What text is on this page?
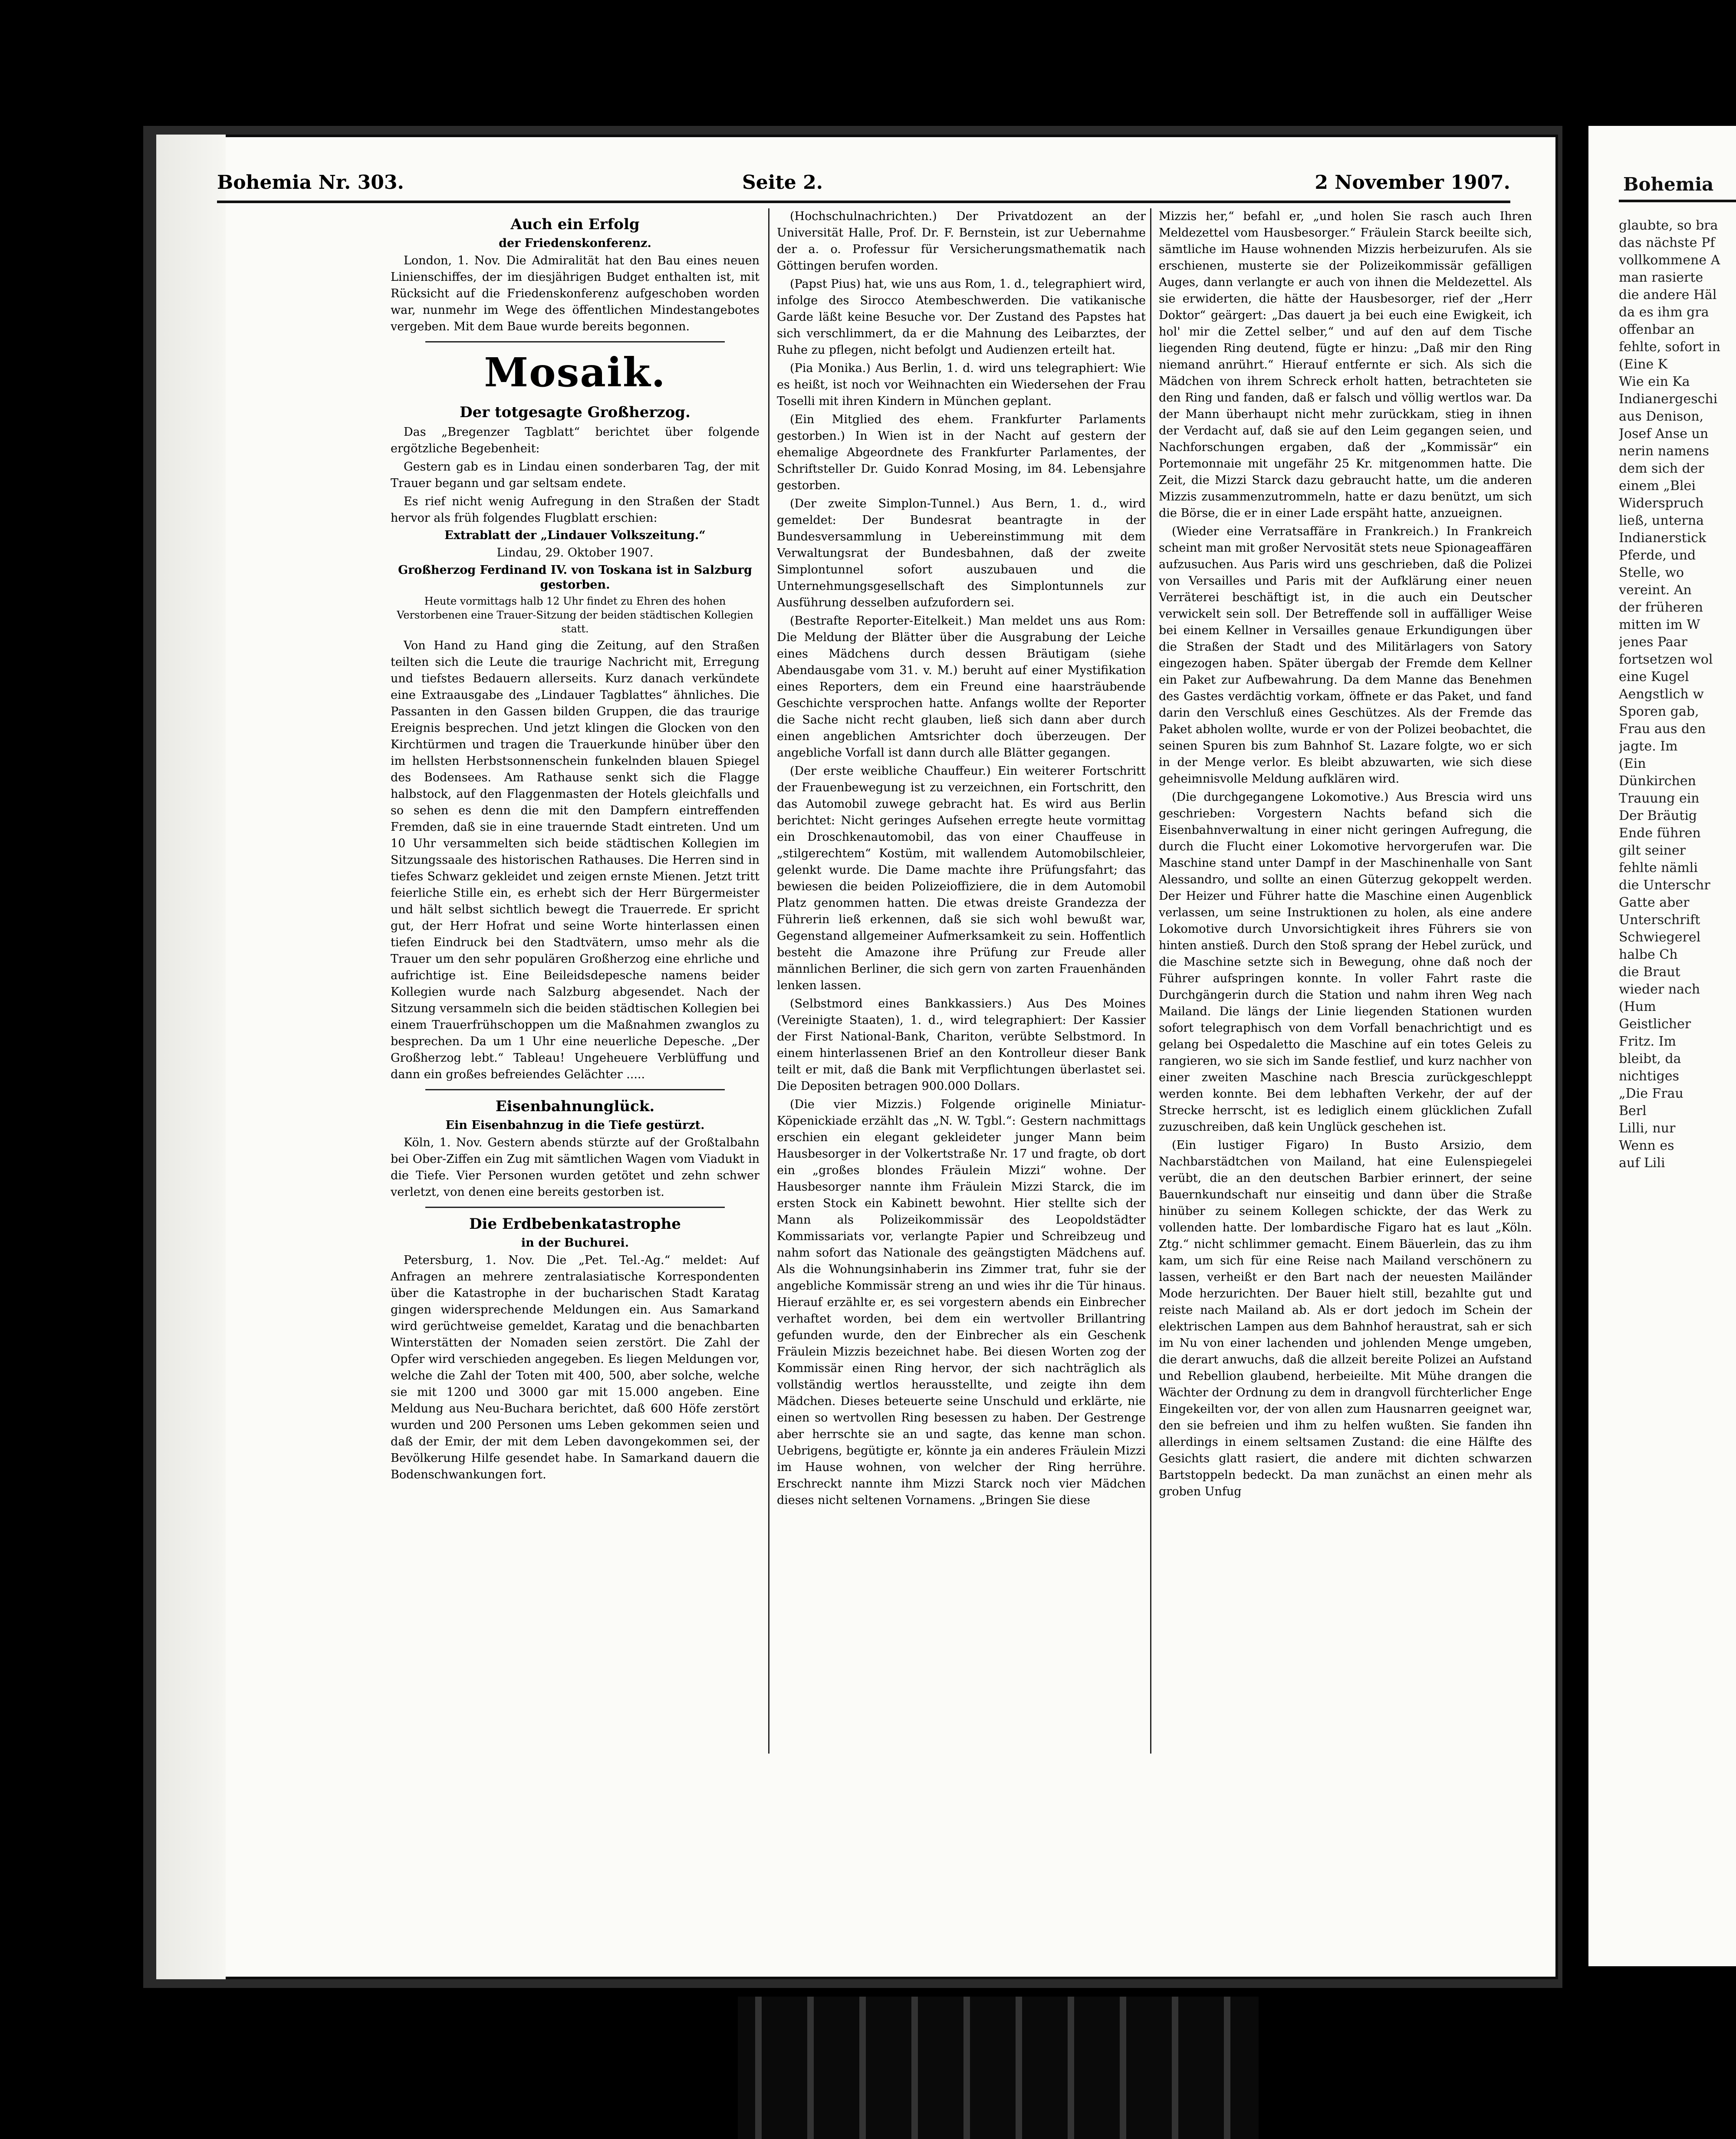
Bohemia Nr. 303.	Seite 2.	2 November 1907.
Auch ein Erfolg
der Friedenskonferenz.

London, 1. Nov. Die Admiralität hat den Bau eines neuen Linienschiffes, der im diesjährigen Budget enthalten ist, mit Rücksicht auf die Friedenskonferenz aufgeschoben worden war, nunmehr im Wege des öffentlichen Mindestangebotes vergeben. Mit dem Baue wurde bereits begonnen.

Mosaik.
Der totgesagte Großherzog.

Das „Bregenzer Tagblatt“ berichtet über folgende ergötzliche Begebenheit:

Gestern gab es in Lindau einen sonderbaren Tag, der mit Trauer begann und gar seltsam endete.

Es rief nicht wenig Aufregung in den Straßen der Stadt hervor als früh folgendes Flugblatt erschien:

Extrablatt der „Lindauer Volkszeitung.“

Lindau, 29. Oktober 1907.

Großherzog Ferdinand IV. von Toskana ist in Salzburg gestorben.

Heute vormittags halb 12 Uhr findet zu Ehren des hohen Verstorbenen eine Trauer-Sitzung der beiden städtischen Kollegien statt.

Von Hand zu Hand ging die Zeitung, auf den Straßen teilten sich die Leute die traurige Nachricht mit, Erregung und tiefstes Bedauern allerseits. Kurz danach verkündete eine Extraausgabe des „Lindauer Tagblattes“ ähnliches. Die Passanten in den Gassen bilden Gruppen, die das traurige Ereignis besprechen. Und jetzt klingen die Glocken von den Kirchtürmen und tragen die Trauerkunde hinüber über den im hellsten Herbstsonnenschein funkelnden blauen Spiegel des Bodensees. Am Rathause senkt sich die Flagge halbstock, auf den Flaggenmasten der Hotels gleichfalls und so sehen es denn die mit den Dampfern eintreffenden Fremden, daß sie in eine trauernde Stadt eintreten. Und um 10 Uhr versammelten sich beide städtischen Kollegien im Sitzungssaale des historischen Rathauses. Die Herren sind in tiefes Schwarz gekleidet und zeigen ernste Mienen. Jetzt tritt feierliche Stille ein, es erhebt sich der Herr Bürgermeister und hält selbst sichtlich bewegt die Trauerrede. Er spricht gut, der Herr Hofrat und seine Worte hinterlassen einen tiefen Eindruck bei den Stadtvätern, umso mehr als die Trauer um den sehr populären Großherzog eine ehrliche und aufrichtige ist. Eine Beileidsdepesche namens beider Kollegien wurde nach Salzburg abgesendet. Nach der Sitzung versammeln sich die beiden städtischen Kollegien bei einem Trauerfrühschoppen um die Maßnahmen zwanglos zu besprechen. Da um 1 Uhr eine neuerliche Depesche. „Der Großherzog lebt.“ Tableau! Ungeheuere Verblüffung und dann ein großes befreiendes Gelächter .....

Eisenbahnunglück.
Ein Eisenbahnzug in die Tiefe gestürzt.

Köln, 1. Nov. Gestern abends stürzte auf der Großtalbahn bei Ober-Ziffen ein Zug mit sämtlichen Wagen vom Viadukt in die Tiefe. Vier Personen wurden getötet und zehn schwer verletzt, von denen eine bereits gestorben ist.

Die Erdbebenkatastrophe
in der Buchurei.

Petersburg, 1. Nov. Die „Pet. Tel.-Ag.“ meldet: Auf Anfragen an mehrere zentralasiatische Korrespondenten über die Katastrophe in der bucharischen Stadt Karatag gingen widersprechende Meldungen ein. Aus Samarkand wird gerüchtweise gemeldet, Karatag und die benachbarten Winterstätten der Nomaden seien zerstört. Die Zahl der Opfer wird verschieden angegeben. Es liegen Meldungen vor, welche die Zahl der Toten mit 400, 500, aber solche, welche sie mit 1200 und 3000 gar mit 15.000 angeben. Eine Meldung aus Neu-Buchara berichtet, daß 600 Höfe zerstört wurden und 200 Personen ums Leben gekommen seien und daß der Emir, der mit dem Leben davongekommen sei, der Bevölkerung Hilfe gesendet habe. In Samarkand dauern die Bodenschwankungen fort.

(Hochschulnachrichten.) Der Privatdozent an der Universität Halle, Prof. Dr. F. Bernstein, ist zur Uebernahme der a. o. Professur für Versicherungsmathematik nach Göttingen berufen worden.

(Papst Pius) hat, wie uns aus Rom, 1. d., telegraphiert wird, infolge des Sirocco Atembeschwerden. Die vatikanische Garde läßt keine Besuche vor. Der Zustand des Papstes hat sich verschlimmert, da er die Mahnung des Leibarztes, der Ruhe zu pflegen, nicht befolgt und Audienzen erteilt hat.

(Pia Monika.) Aus Berlin, 1. d. wird uns telegraphiert: Wie es heißt, ist noch vor Weihnachten ein Wiedersehen der Frau Toselli mit ihren Kindern in München geplant.

(Ein Mitglied des ehem. Frankfurter Parlaments gestorben.) In Wien ist in der Nacht auf gestern der ehemalige Abgeordnete des Frankfurter Parlamentes, der Schriftsteller Dr. Guido Konrad Mosing, im 84. Lebensjahre gestorben.

(Der zweite Simplon-Tunnel.) Aus Bern, 1. d., wird gemeldet: Der Bundesrat beantragte in der Bundesversammlung in Uebereinstimmung mit dem Verwaltungsrat der Bundesbahnen, daß der zweite Simplontunnel sofort auszubauen und die Unternehmungsgesellschaft des Simplontunnels zur Ausführung desselben aufzufordern sei.

(Bestrafte Reporter-Eitelkeit.) Man meldet uns aus Rom: Die Meldung der Blätter über die Ausgrabung der Leiche eines Mädchens durch dessen Bräutigam (siehe Abendausgabe vom 31. v. M.) beruht auf einer Mystifikation eines Reporters, dem ein Freund eine haarsträubende Geschichte versprochen hatte. Anfangs wollte der Reporter die Sache nicht recht glauben, ließ sich dann aber durch einen angeblichen Amtsrichter doch überzeugen. Der angebliche Vorfall ist dann durch alle Blätter gegangen.

(Der erste weibliche Chauffeur.) Ein weiterer Fortschritt der Frauenbewegung ist zu verzeichnen, ein Fortschritt, den das Automobil zuwege gebracht hat. Es wird aus Berlin berichtet: Nicht geringes Aufsehen erregte heute vormittag ein Droschkenautomobil, das von einer Chauffeuse in „stilgerechtem“ Kostüm, mit wallendem Automobilschleier, gelenkt wurde. Die Dame machte ihre Prüfungsfahrt; das bewiesen die beiden Polizeioffiziere, die in dem Automobil Platz genommen hatten. Die etwas dreiste Grandezza der Führerin ließ erkennen, daß sie sich wohl bewußt war, Gegenstand allgemeiner Aufmerksamkeit zu sein. Hoffentlich besteht die Amazone ihre Prüfung zur Freude aller männlichen Berliner, die sich gern von zarten Frauenhänden lenken lassen.

(Selbstmord eines Bankkassiers.) Aus Des Moines (Vereinigte Staaten), 1. d., wird telegraphiert: Der Kassier der First National-Bank, Chariton, verübte Selbstmord. In einem hinterlassenen Brief an den Kontrolleur dieser Bank teilt er mit, daß die Bank mit Verpflichtungen überlastet sei. Die Depositen betragen 900.000 Dollars.

(Die vier Mizzis.) Folgende originelle Miniatur-Köpenickiade erzählt das „N. W. Tgbl.“: Gestern nachmittags erschien ein elegant gekleideter junger Mann beim Hausbesorger in der Volkertstraße Nr. 17 und fragte, ob dort ein „großes blondes Fräulein Mizzi“ wohne. Der Hausbesorger nannte ihm Fräulein Mizzi Starck, die im ersten Stock ein Kabinett bewohnt. Hier stellte sich der Mann als Polizeikommissär des Leopoldstädter Kommissariats vor, verlangte Papier und Schreibzeug und nahm sofort das Nationale des geängstigten Mädchens auf. Als die Wohnungsinhaberin ins Zimmer trat, fuhr sie der angebliche Kommissär streng an und wies ihr die Tür hinaus. Hierauf erzählte er, es sei vorgestern abends ein Einbrecher verhaftet worden, bei dem ein wertvoller Brillantring gefunden wurde, den der Einbrecher als ein Geschenk Fräulein Mizzis bezeichnet habe. Bei diesen Worten zog der Kommissär einen Ring hervor, der sich nachträglich als vollständig wertlos herausstellte, und zeigte ihn dem Mädchen. Dieses beteuerte seine Unschuld und erklärte, nie einen so wertvollen Ring besessen zu haben. Der Gestrenge aber herrschte sie an und sagte, das kenne man schon. Uebrigens, begütigte er, könnte ja ein anderes Fräulein Mizzi im Hause wohnen, von welcher der Ring herrühre. Erschreckt nannte ihm Mizzi Starck noch vier Mädchen dieses nicht seltenen Vornamens. „Bringen Sie diese

Mizzis her,“ befahl er, „und holen Sie rasch auch Ihren Meldezettel vom Hausbesorger.“ Fräulein Starck beeilte sich, sämtliche im Hause wohnenden Mizzis herbeizurufen. Als sie erschienen, musterte sie der Polizeikommissär gefälligen Auges, dann verlangte er auch von ihnen die Meldezettel. Als sie erwiderten, die hätte der Hausbesorger, rief der „Herr Doktor“ geärgert: „Das dauert ja bei euch eine Ewigkeit, ich hol' mir die Zettel selber,“ und auf den auf dem Tische liegenden Ring deutend, fügte er hinzu: „Daß mir den Ring niemand anrührt.“ Hierauf entfernte er sich. Als sich die Mädchen von ihrem Schreck erholt hatten, betrachteten sie den Ring und fanden, daß er falsch und völlig wertlos war. Da der Mann überhaupt nicht mehr zurückkam, stieg in ihnen der Verdacht auf, daß sie auf den Leim gegangen seien, und Nachforschungen ergaben, daß der „Kommissär“ ein Portemonnaie mit ungefähr 25 Kr. mitgenommen hatte. Die Zeit, die Mizzi Starck dazu gebraucht hatte, um die anderen Mizzis zusammenzutrommeln, hatte er dazu benützt, um sich die Börse, die er in einer Lade erspäht hatte, anzueignen.

(Wieder eine Verratsaffäre in Frankreich.) In Frankreich scheint man mit großer Nervosität stets neue Spionageaffären aufzusuchen. Aus Paris wird uns geschrieben, daß die Polizei von Versailles und Paris mit der Aufklärung einer neuen Verräterei beschäftigt ist, in die auch ein Deutscher verwickelt sein soll. Der Betreffende soll in auffälliger Weise bei einem Kellner in Versailles genaue Erkundigungen über die Straßen der Stadt und des Militärlagers von Satory eingezogen haben. Später übergab der Fremde dem Kellner ein Paket zur Aufbewahrung. Da dem Manne das Benehmen des Gastes verdächtig vorkam, öffnete er das Paket, und fand darin den Verschluß eines Geschützes. Als der Fremde das Paket abholen wollte, wurde er von der Polizei beobachtet, die seinen Spuren bis zum Bahnhof St. Lazare folgte, wo er sich in der Menge verlor. Es bleibt abzuwarten, wie sich diese geheimnisvolle Meldung aufklären wird.

(Die durchgegangene Lokomotive.) Aus Brescia wird uns geschrieben: Vorgestern Nachts befand sich die Eisenbahnverwaltung in einer nicht geringen Aufregung, die durch die Flucht einer Lokomotive hervorgerufen war. Die Maschine stand unter Dampf in der Maschinenhalle von Sant Alessandro, und sollte an einen Güterzug gekoppelt werden. Der Heizer und Führer hatte die Maschine einen Augenblick verlassen, um seine Instruktionen zu holen, als eine andere Lokomotive durch Unvorsichtigkeit ihres Führers sie von hinten anstieß. Durch den Stoß sprang der Hebel zurück, und die Maschine setzte sich in Bewegung, ohne daß noch der Führer aufspringen konnte. In voller Fahrt raste die Durchgängerin durch die Station und nahm ihren Weg nach Mailand. Die längs der Linie liegenden Stationen wurden sofort telegraphisch von dem Vorfall benachrichtigt und es gelang bei Ospedaletto die Maschine auf ein totes Geleis zu rangieren, wo sie sich im Sande festlief, und kurz nachher von einer zweiten Maschine nach Brescia zurückgeschleppt werden konnte. Bei dem lebhaften Verkehr, der auf der Strecke herrscht, ist es lediglich einem glücklichen Zufall zuzuschreiben, daß kein Unglück geschehen ist.

(Ein lustiger Figaro) In Busto Arsizio, dem Nachbarstädtchen von Mailand, hat eine Eulenspiegelei verübt, die an den deutschen Barbier erinnert, der seine Bauernkundschaft nur einseitig und dann über die Straße hinüber zu seinem Kollegen schickte, der das Werk zu vollenden hatte. Der lombardische Figaro hat es laut „Köln. Ztg.“ nicht schlimmer gemacht. Einem Bäuerlein, das zu ihm kam, um sich für eine Reise nach Mailand verschönern zu lassen, verheißt er den Bart nach der neuesten Mailänder Mode herzurichten. Der Bauer hielt still, bezahlte gut und reiste nach Mailand ab. Als er dort jedoch im Schein der elektrischen Lampen aus dem Bahnhof heraustrat, sah er sich im Nu von einer lachenden und johlenden Menge umgeben, die derart anwuchs, daß die allzeit bereite Polizei an Aufstand und Rebellion glaubend, herbeieilte. Mit Mühe drangen die Wächter der Ordnung zu dem in drangvoll fürchterlicher Enge Eingekeilten vor, der von allen zum Hausnarren geeignet war, den sie befreien und ihm zu helfen wußten. Sie fanden ihn allerdings in einem seltsamen Zustand: die eine Hälfte des Gesichts glatt rasiert, die andere mit dichten schwarzen Bartstoppeln bedeckt. Da man zunächst an einen mehr als groben Unfug

Bohemia
glaubte, so bra
das nächste Pf
vollkommene A
man rasierte
die andere Häl
da es ihm gra
offenbar an
fehlte, sofort in
(Eine K
Wie ein Ka
Indianergeschi
aus Denison,
Josef Anse un
nerin namens
dem sich der
einem „Blei
Widerspruch
ließ, unterna
Indianerstick
Pferde, und
Stelle, wo
vereint. An
der früheren
mitten im W
jenes Paar
fortsetzen wol
eine Kugel
Aengstlich w
Sporen gab,
Frau aus den
jagte. Im
(Ein
Dünkirchen
Trauung ein
Der Bräutig
Ende führen
gilt seiner
fehlte nämli
die Unterschr
Gatte aber
Unterschrift
Schwiegerel
halbe Ch
die Braut
wieder nach
(Hum
Geistlicher
Fritz. Im
bleibt, da
nichtiges
„Die Frau
Berl
Lilli, nur
Wenn es
auf Lili
